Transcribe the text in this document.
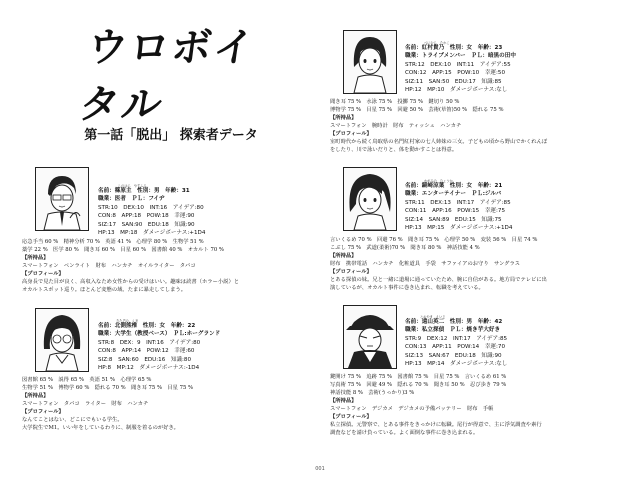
ウロボイタル
第一話「脱出」 探索者データ
しのはら　やすふみ
名前：篠原主　性別：男　年齢：31
職業：医者　ＰＬ：フイヂ
STR:10　DEX:10　INT:16　アイデア:80
CON:8　APP:18　POW:18　幸運:90
SIZ:17　SAN:90　EDU:18　知識:90
HP:13　MP:18　ダメージボーナス:+1D4
応急手当 60 %　精神分析 70 %　英語 41 %　心理学 80 %　生物学 51 %
薬学 22 %　医学 80 %　聞き耳 60 %　目星 60 %　図書館 40 %　オカルト 70 %
【所持品】
スマートフォン　ペンライト　財布　ハンカチ　オイルライター　タバコ
【プロフィール】
高身長で見た目が良く、高収入なため女性からの受けはいい。趣味は読書（ホラー小説）と
オカルトスポット巡り。ほとんど変態の域、たまに暴走してしまう。
きたぞの　くま
名前：北側熊椎　性別：女　年齢：22
職業：大学生（教授ベース）　ＰＬ:ホーグランド
STR:8　DEX：9　INT:16　アイデア:80
CON:8　APP:14　POW:12　幸運:60
SIZ:8　SAN:60　EDU:16　知識:80
HP:8　MP:12　ダメージボーナス:-1D4
図書館 65 %　説得 65 %　英語 51 %　心理学 65 %
生物学 51 %　博物学 60 %　隠れる 70 %　聞き耳 75 %　目星 75 %
【所持品】
スマートフォン　タバコ　ライター　財布　ハンカチ
【プロフィール】
なんてことはない、どこにでもいる学生。
大学院生でM1。いい年をしているわりに、制服を着るのが好き。
べにむら　たかこ
名前：紅村貴乃　性別：女　年齢：23
職業：トライブメンバー　ＰＬ：暗黒の田中
STR:12　DEX:10　INT:11　アイデア:55
CON:12　APP:15　POW:10　幸運:50
SIZ:11　SAN:50　EDU:17　知識:85
HP:12　MP:10　ダメージボーナス:なし
聞き耳 75 %　水泳 75 %　投擲 75 %　鍵切り 50 %
博物学 75 %　目星 75 %　回避 50 %　芸術(草笛)50 %　隠れる 75 %
【所持品】
スマートフォン　腕時計　財布　ティッシュ　ハンカチ
【プロフィール】
室町時代から続く鳥取県の名門紅村家の七人姉妹の三女。子どもの頃から野山でかくれんぼ
をしたり、川で泳いだりと、体を動かすことは得意。
かがみの　りょうか
名前：鏡崎涼葉　性別：女　年齢：21
職業：エンターテイナー　ＰＬ:ジルバ
STR:11　DEX:13　INT:17　アイデア:85
CON:11　APP:16　POW:15　幸運:75
SIZ:14　SAN:89　EDU:15　知識:75
HP:13　MP:15　ダメージボーナス:+1D4
言いくるめ 70 %　回避 76 %　聞き耳 75 %　心理学 50 %　変装 56 %　目星 74 %
こぶし 75 %　武道(柔術)70 %　聞き耳 80 %　神話技能 4 %
【所持品】
財布　携帯電話　ハンカチ　化粧道具　手袋　サファイアのお守り　サングラス
【プロフィール】
とある探偵の妹。兄と一緒に道場に通っていたため、腕に自信がある。地方局でテレビに出
演しているが、オカルト事件に巻き込まれ、転職を考えている。
とおやま　えいじ
名前：遠山英二　性別：男　年齢：42
職業：私立探偵　ＰＬ：焼き芋大好き
STR:9　DEX:12　INT:17　アイデア:85
CON:13　APP:11　POW:14　幸運:70
SIZ:13　SAN:67　EDU:18　知識:90
HP:13　MP:14　ダメージボーナス:なし
鍵開け 75 %　追跡 75 %　図書館 75 %　目星 75 %　言いくるめ 61 %
写真術 75 %　回避 49 %　隠れる 70 %　聞き耳 50 %　忍び歩き 79 %
神話技能 8 %　芸術(うっかり)3 %
【所持品】
スマートフォン　デジカメ　デジカメの予備バッテリー　財布　手帳
【プロフィール】
私立探偵。元警察で、とある事件をきっかけに転職。尾行が得意で、主に浮気調査や素行
調査などを請け負っている。よく面倒な事件に巻き込まれる。
001
